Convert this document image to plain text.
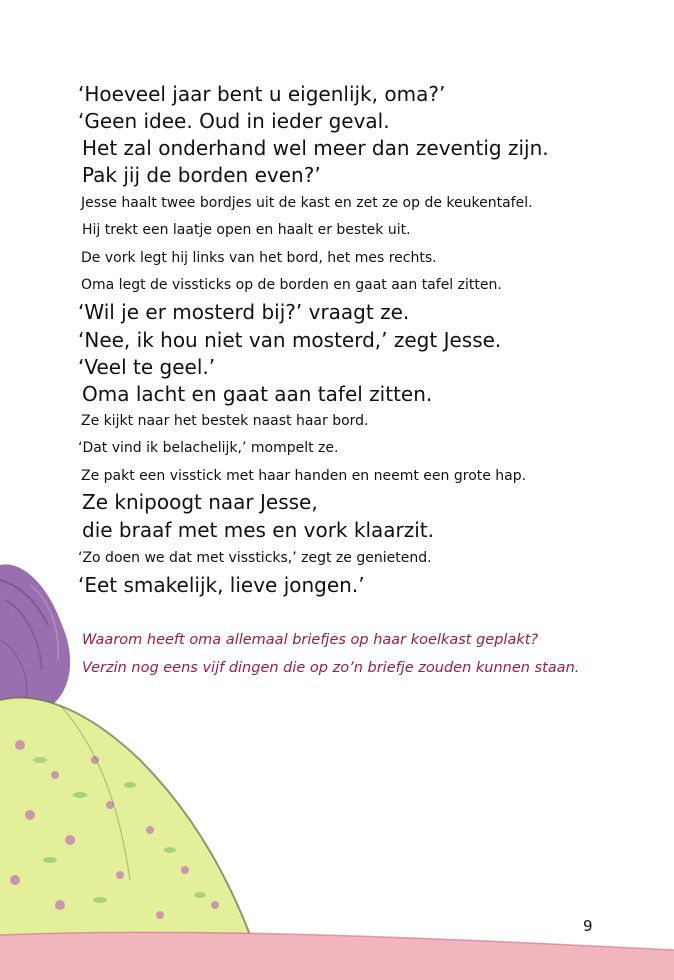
‘Hoeveel jaar bent u eigenlijk, oma?’
‘Geen idee. Oud in ieder geval.
Het zal onderhand wel meer dan zeventig zijn.
Pak jij de borden even?’
Jesse haalt twee bordjes uit de kast en zet ze op de keukentafel.
Hij trekt een laatje open en haalt er bestek uit.
De vork legt hij links van het bord, het mes rechts.
Oma legt de vissticks op de borden en gaat aan tafel zitten.
‘Wil je er mosterd bij?’ vraagt ze.
‘Nee, ik hou niet van mosterd,’ zegt Jesse.
‘Veel te geel.’
Oma lacht en gaat aan tafel zitten.
Ze kijkt naar het bestek naast haar bord.
‘Dat vind ik belachelijk,’ mompelt ze.
Ze pakt een visstick met haar handen en neemt een grote hap.
Ze knipoogt naar Jesse,
die braaf met mes en vork klaarzit.
‘Zo doen we dat met vissticks,’ zegt ze genietend.
‘Eet smakelijk, lieve jongen.’
Waarom heeft oma allemaal briefjes op haar koelkast geplakt?
Verzin nog eens vijf dingen die op zo’n briefje zouden kunnen staan.
9
